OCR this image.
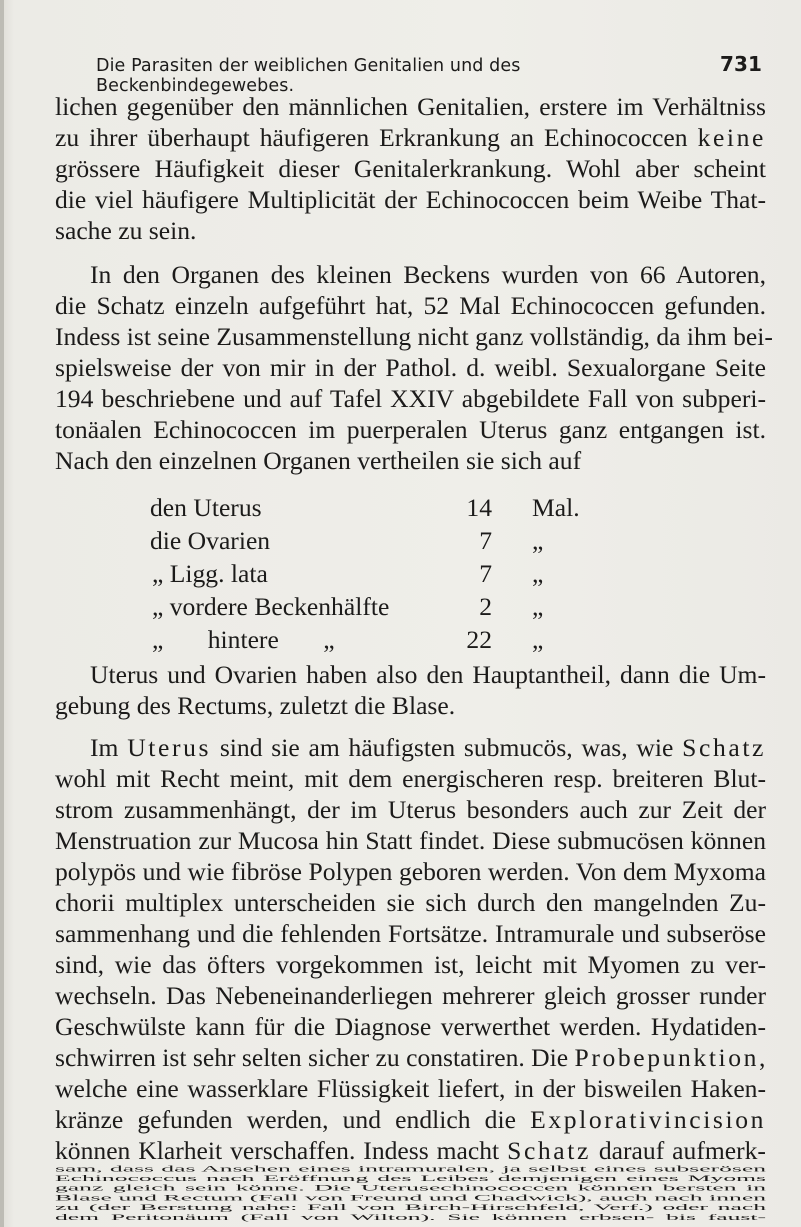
Die Parasiten der weiblichen Genitalien und des Beckenbindegewebes.
731
lichen gegenüber den männlichen Genitalien, erstere im Verhältniss
zu ihrer überhaupt häufigeren Erkrankung an Echinococcen keine
grössere Häufigkeit dieser Genitalerkrankung. Wohl aber scheint
die viel häufigere Multiplicität der Echinococcen beim Weibe That-
sache zu sein.
In den Organen des kleinen Beckens wurden von 66 Autoren,
die Schatz einzeln aufgeführt hat, 52 Mal Echinococcen gefunden.
Indess ist seine Zusammenstellung nicht ganz vollständig, da ihm bei-
spielsweise der von mir in der Pathol. d. weibl. Sexualorgane Seite
194 beschriebene und auf Tafel XXIV abgebildete Fall von subperi-
tonäalen Echinococcen im puerperalen Uterus ganz entgangen ist.
Nach den einzelnen Organen vertheilen sie sich auf
den Uterus	14 Mal.
die Ovarien	7 „
„ Ligg. lata	7 „
„ vordere Beckenhälfte	2 „
„ hintere „	22 „
Uterus und Ovarien haben also den Hauptantheil, dann die Um-
gebung des Rectums, zuletzt die Blase.
Im Uterus sind sie am häufigsten submucös, was, wie Schatz
wohl mit Recht meint, mit dem energischeren resp. breiteren Blut-
strom zusammenhängt, der im Uterus besonders auch zur Zeit der
Menstruation zur Mucosa hin Statt findet. Diese submucösen können
polypös und wie fibröse Polypen geboren werden. Von dem Myxoma
chorii multiplex unterscheiden sie sich durch den mangelnden Zu-
sammenhang und die fehlenden Fortsätze. Intramurale und subseröse
sind, wie das öfters vorgekommen ist, leicht mit Myomen zu ver-
wechseln. Das Nebeneinanderliegen mehrerer gleich grosser runder
Geschwülste kann für die Diagnose verwerthet werden. Hydatiden-
schwirren ist sehr selten sicher zu constatiren. Die Probepunktion,
welche eine wasserklare Flüssigkeit liefert, in der bisweilen Haken-
kränze gefunden werden, und endlich die Explorativincision
können Klarheit verschaffen. Indess macht Schatz darauf aufmerk-
sam, dass das Ansehen eines intramuralen, ja selbst eines subserösen
Echinococcus nach Eröffnung des Leibes demjenigen eines Myoms
ganz gleich sein könne. Die Uterusechinococcen können bersten in
Blase und Rectum (Fall von Freund und Chadwick), auch nach innen
zu (der Berstung nahe: Fall von Birch-Hirschfeld, Verf.) oder nach
dem Peritonäum (Fall von Wilton). Sie können erbsen- bis faust-
